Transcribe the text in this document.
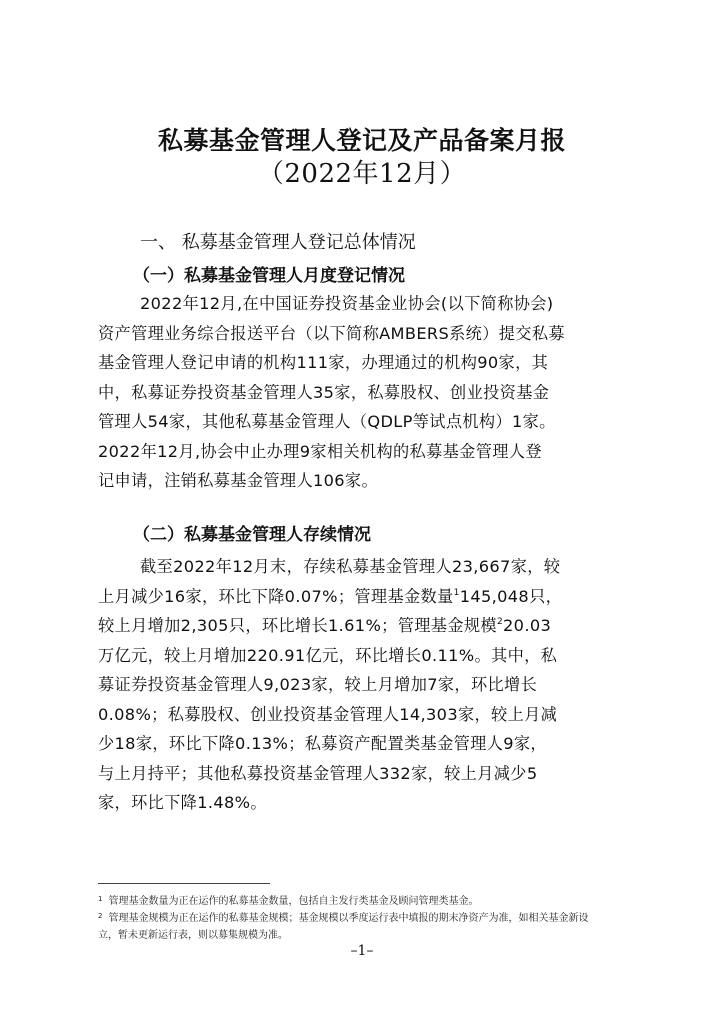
私募基金管理人登记及产品备案月报
（2022年12月）
一、 私募基金管理人登记总体情况
（一）私募基金管理人月度登记情况
2022年12月,在中国证券投资基金业协会(以下简称协会)
资产管理业务综合报送平台（以下简称AMBERS系统）提交私募
基金管理人登记申请的机构111家，办理通过的机构90家，其
中，私募证券投资基金管理人35家，私募股权、创业投资基金
管理人54家，其他私募基金管理人（QDLP等试点机构）1家。
2022年12月,协会中止办理9家相关机构的私募基金管理人登
记申请，注销私募基金管理人106家。
（二）私募基金管理人存续情况
截至2022年12月末，存续私募基金管理人23,667家，较
上月减少16家，环比下降0.07%；管理基金数量$^1$145,048只，
较上月增加2,305只，环比增长1.61%；管理基金规模$^2$20.03
万亿元，较上月增加220.91亿元，环比增长0.11%。其中，私
募证券投资基金管理人9,023家，较上月增加7家，环比增长
0.08%；私募股权、创业投资基金管理人14,303家，较上月减
少18家，环比下降0.13%；私募资产配置类基金管理人9家，
与上月持平；其他私募投资基金管理人332家，较上月减少5
家，环比下降1.48%。
$^1$ 管理基金数量为正在运作的私募基金数量，包括自主发行类基金及顾问管理类基金。
$^2$ 管理基金规模为正在运作的私募基金规模；基金规模以季度运行表中填报的期末净资产为准，如相关基金新设
立，暂未更新运行表，则以募集规模为准。
–1–
